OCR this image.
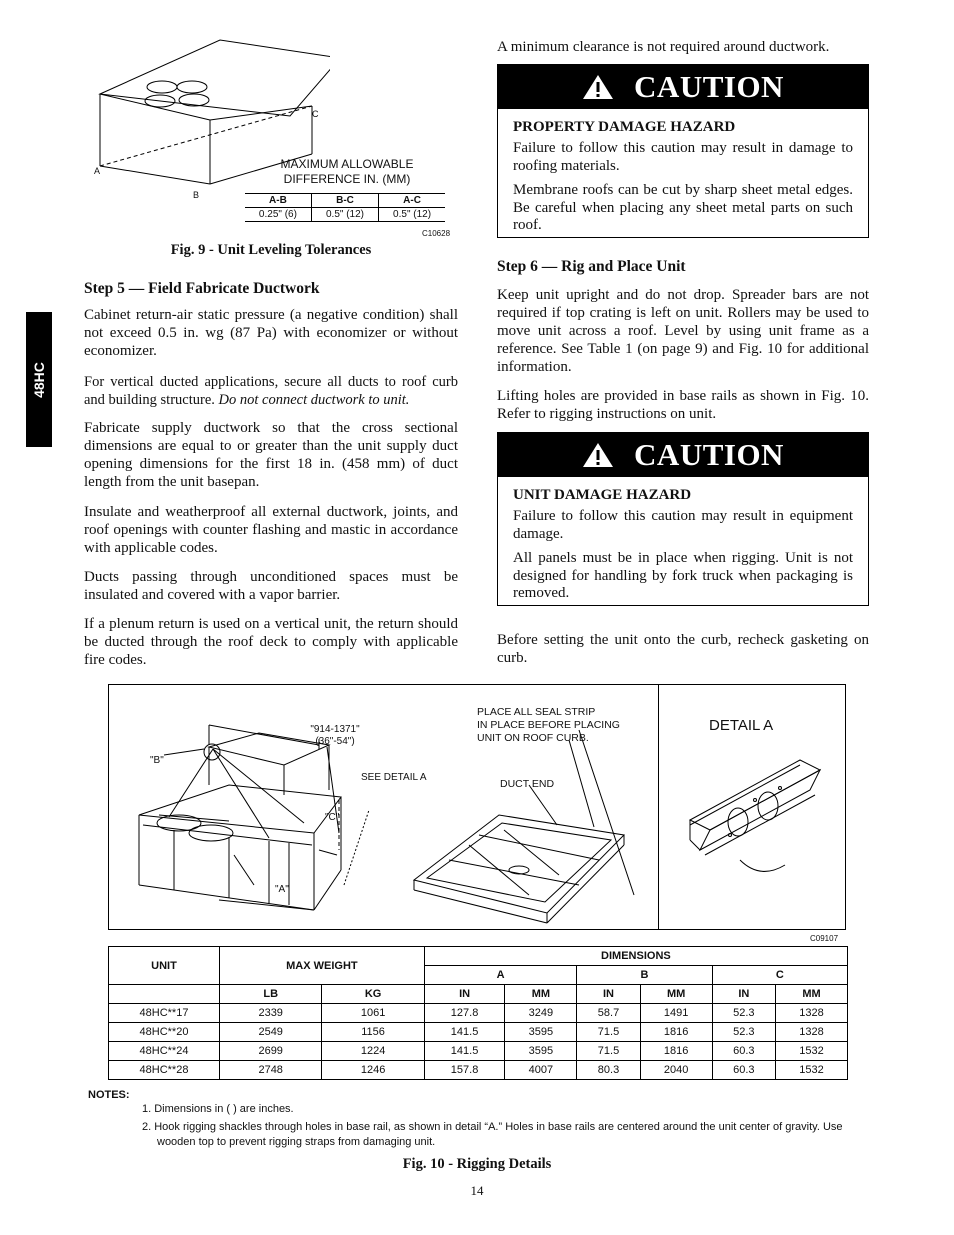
48HC
A
B
C
MAXIMUM ALLOWABLE
DIFFERENCE IN. (MM)
A-B	B-C	A-C
0.25" (6)	0.5" (12)	0.5" (12)
C10628
Fig. 9 - Unit Leveling Tolerances
Step 5 — Field Fabricate Ductwork

Cabinet return-air static pressure (a negative condition) shall not exceed 0.5 in. wg (87 Pa) with economizer or without economizer.

For vertical ducted applications, secure all ducts to roof curb and building structure. Do not connect ductwork to unit.

Fabricate supply ductwork so that the cross sectional dimensions are equal to or greater than the unit supply duct opening dimensions for the first 18 in. (458 mm) of duct length from the unit basepan.

Insulate and weatherproof all external ductwork, joints, and roof openings with counter flashing and mastic in accordance with applicable codes.

Ducts passing through unconditioned spaces must be insulated and covered with a vapor barrier.

If a plenum return is used on a vertical unit, the return should be ducted through the roof deck to comply with applicable fire codes.

A minimum clearance is not required around ductwork.

CAUTION
PROPERTY DAMAGE HAZARD

Failure to follow this caution may result in damage to roofing materials.

Membrane roofs can be cut by sharp sheet metal edges. Be careful when placing any sheet metal parts on such roof.

Step 6 — Rig and Place Unit

Keep unit upright and do not drop. Spreader bars are not required if top crating is left on unit. Rollers may be used to move unit across a roof. Level by using unit frame as a reference. See Table 1 (on page 9) and Fig. 10 for additional information.

Lifting holes are provided in base rails as shown in Fig. 10. Refer to rigging instructions on unit.

CAUTION
UNIT DAMAGE HAZARD

Failure to follow this caution may result in equipment damage.

All panels must be in place when rigging. Unit is not designed for handling by fork truck when packaging is removed.

Before setting the unit onto the curb, recheck gasketing on curb.

"914-1371"
(36"-54")
"B"
"C"
"A"
SEE DETAIL A
PLACE ALL SEAL STRIP
IN PLACE BEFORE PLACING
UNIT ON ROOF CURB.
DUCT END
DETAIL A
C09107
UNIT	MAX WEIGHT		DIMENSIONS					
			A		B		C	
	LB	KG	IN	MM	IN	MM	IN	MM
48HC**17	2339	1061	127.8	3249	58.7	1491	52.3	1328
48HC**20	2549	1156	141.5	3595	71.5	1816	52.3	1328
48HC**24	2699	1224	141.5	3595	71.5	1816	60.3	1532
48HC**28	2748	1246	157.8	4007	80.3	2040	60.3	1532
NOTES:
1. Dimensions in ( ) are inches.
2. Hook rigging shackles through holes in base rail, as shown in detail “A.” Holes in base rails are centered around the unit center of gravity. Use wooden top to prevent rigging straps from damaging unit.
Fig. 10 - Rigging Details
14
